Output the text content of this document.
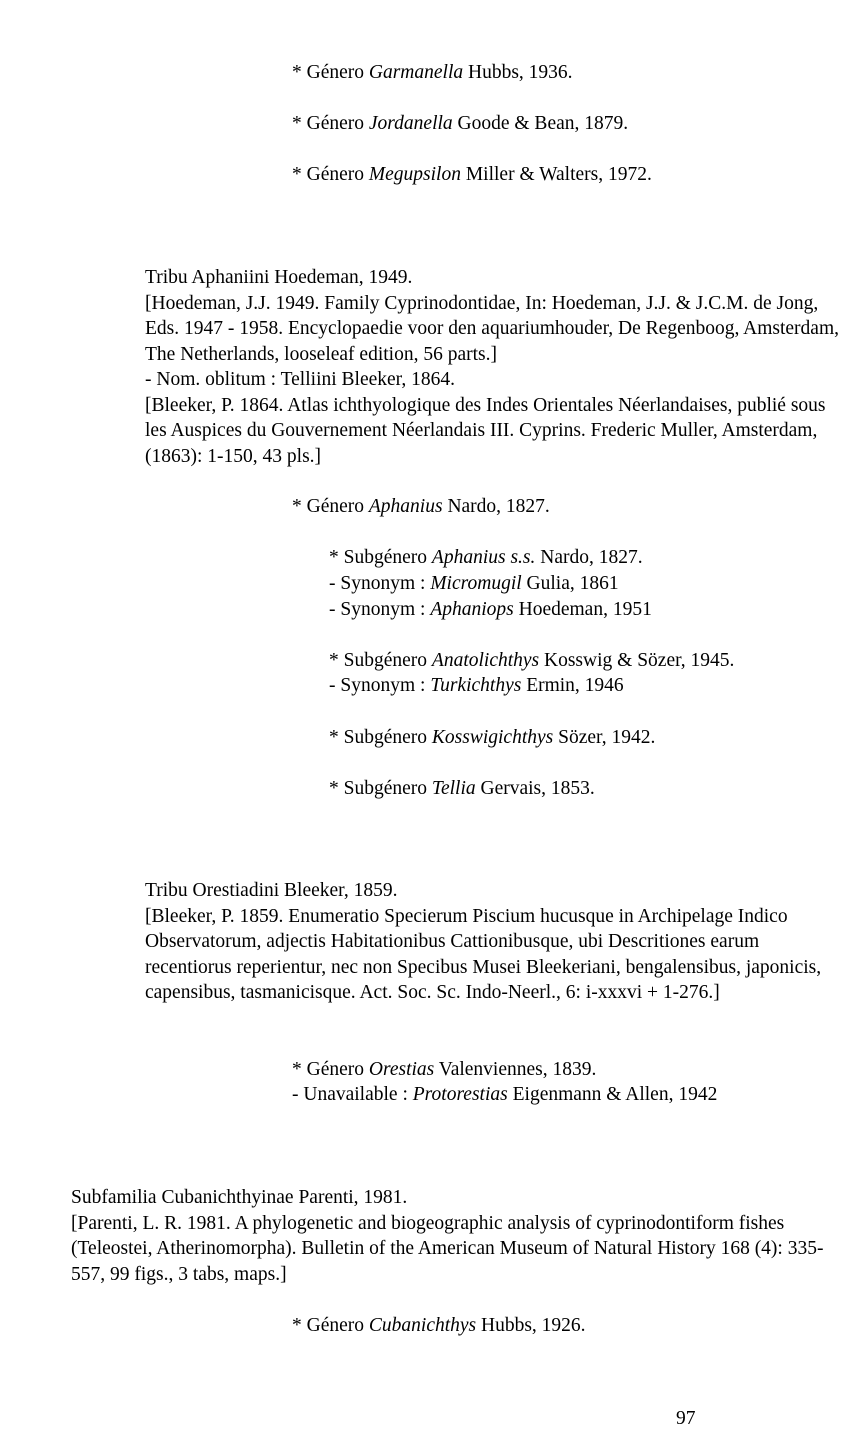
* Género Garmanella Hubbs, 1936.
* Género Jordanella Goode & Bean, 1879.
* Género Megupsilon Miller & Walters, 1972.
Tribu Aphaniini Hoedeman, 1949.
[Hoedeman, J.J. 1949. Family Cyprinodontidae, In: Hoedeman, J.J. & J.C.M. de Jong, Eds. 1947 - 1958. Encyclopaedie voor den aquariumhouder, De Regenboog, Amsterdam, The Netherlands, looseleaf edition, 56 parts.]
- Nom. oblitum : Telliini Bleeker, 1864.
[Bleeker, P. 1864. Atlas ichthyologique des Indes Orientales Néerlandaises, publié sous les Auspices du Gouvernement Néerlandais III. Cyprins. Frederic Muller, Amsterdam, (1863): 1-150, 43 pls.]
* Género Aphanius Nardo, 1827.
* Subgénero Aphanius s.s. Nardo, 1827.
- Synonym : Micromugil Gulia, 1861
- Synonym : Aphaniops Hoedeman, 1951
* Subgénero Anatolichthys Kosswig & Sözer, 1945.
- Synonym : Turkichthys Ermin, 1946
* Subgénero Kosswigichthys Sözer, 1942.
* Subgénero Tellia Gervais, 1853.
Tribu Orestiadini Bleeker, 1859.
[Bleeker, P. 1859. Enumeratio Specierum Piscium hucusque in Archipelage Indico Observatorum, adjectis Habitationibus Cattionibusque, ubi Descritiones earum recentiorus reperientur, nec non Specibus Musei Bleekeriani, bengalensibus, japonicis, capensibus, tasmanicisque. Act. Soc. Sc. Indo-Neerl., 6: i-xxxvi + 1-276.]
* Género Orestias Valenviennes, 1839.
- Unavailable : Protorestias Eigenmann & Allen, 1942
Subfamilia Cubanichthyinae Parenti, 1981.
[Parenti, L. R. 1981. A phylogenetic and biogeographic analysis of cyprinodontiform fishes (Teleostei, Atherinomorpha). Bulletin of the American Museum of Natural History 168 (4): 335-557, 99 figs., 3 tabs, maps.]
* Género Cubanichthys Hubbs, 1926.
97
